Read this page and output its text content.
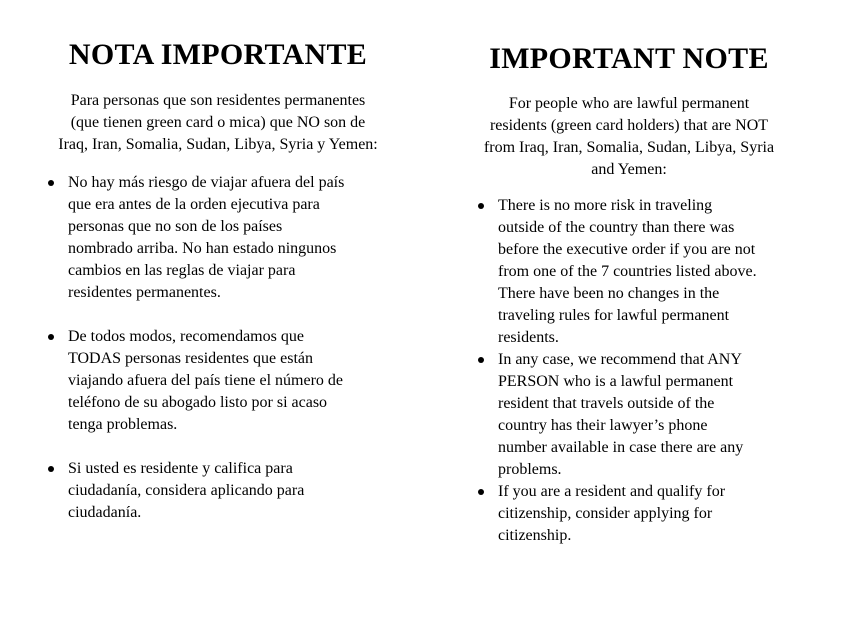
NOTA IMPORTANTE

Para personas que son residentes permanentes
(que tienen green card o mica) que NO son de
Iraq, Iran, Somalia, Sudan, Libya, Syria y Yemen:

No hay más riesgo de viajar afuera del país
que era antes de la orden ejecutiva para
personas que no son de los países
nombrado arriba. No han estado ningunos
cambios en las reglas de viajar para
residentes permanentes.
De todos modos, recomendamos que
TODAS personas residentes que están
viajando afuera del país tiene el número de
teléfono de su abogado listo por si acaso
tenga problemas.
Si usted es residente y califica para
ciudadanía, considera aplicando para
ciudadanía.
IMPORTANT NOTE

For people who are lawful permanent
residents (green card holders) that are NOT
from Iraq, Iran, Somalia, Sudan, Libya, Syria
and Yemen:

There is no more risk in traveling
outside of the country than there was
before the executive order if you are not
from one of the 7 countries listed above.
There have been no changes in the
traveling rules for lawful permanent
residents.
In any case, we recommend that ANY
PERSON who is a lawful permanent
resident that travels outside of the
country has their lawyer’s phone
number available in case there are any
problems.
If you are a resident and qualify for
citizenship, consider applying for
citizenship.
